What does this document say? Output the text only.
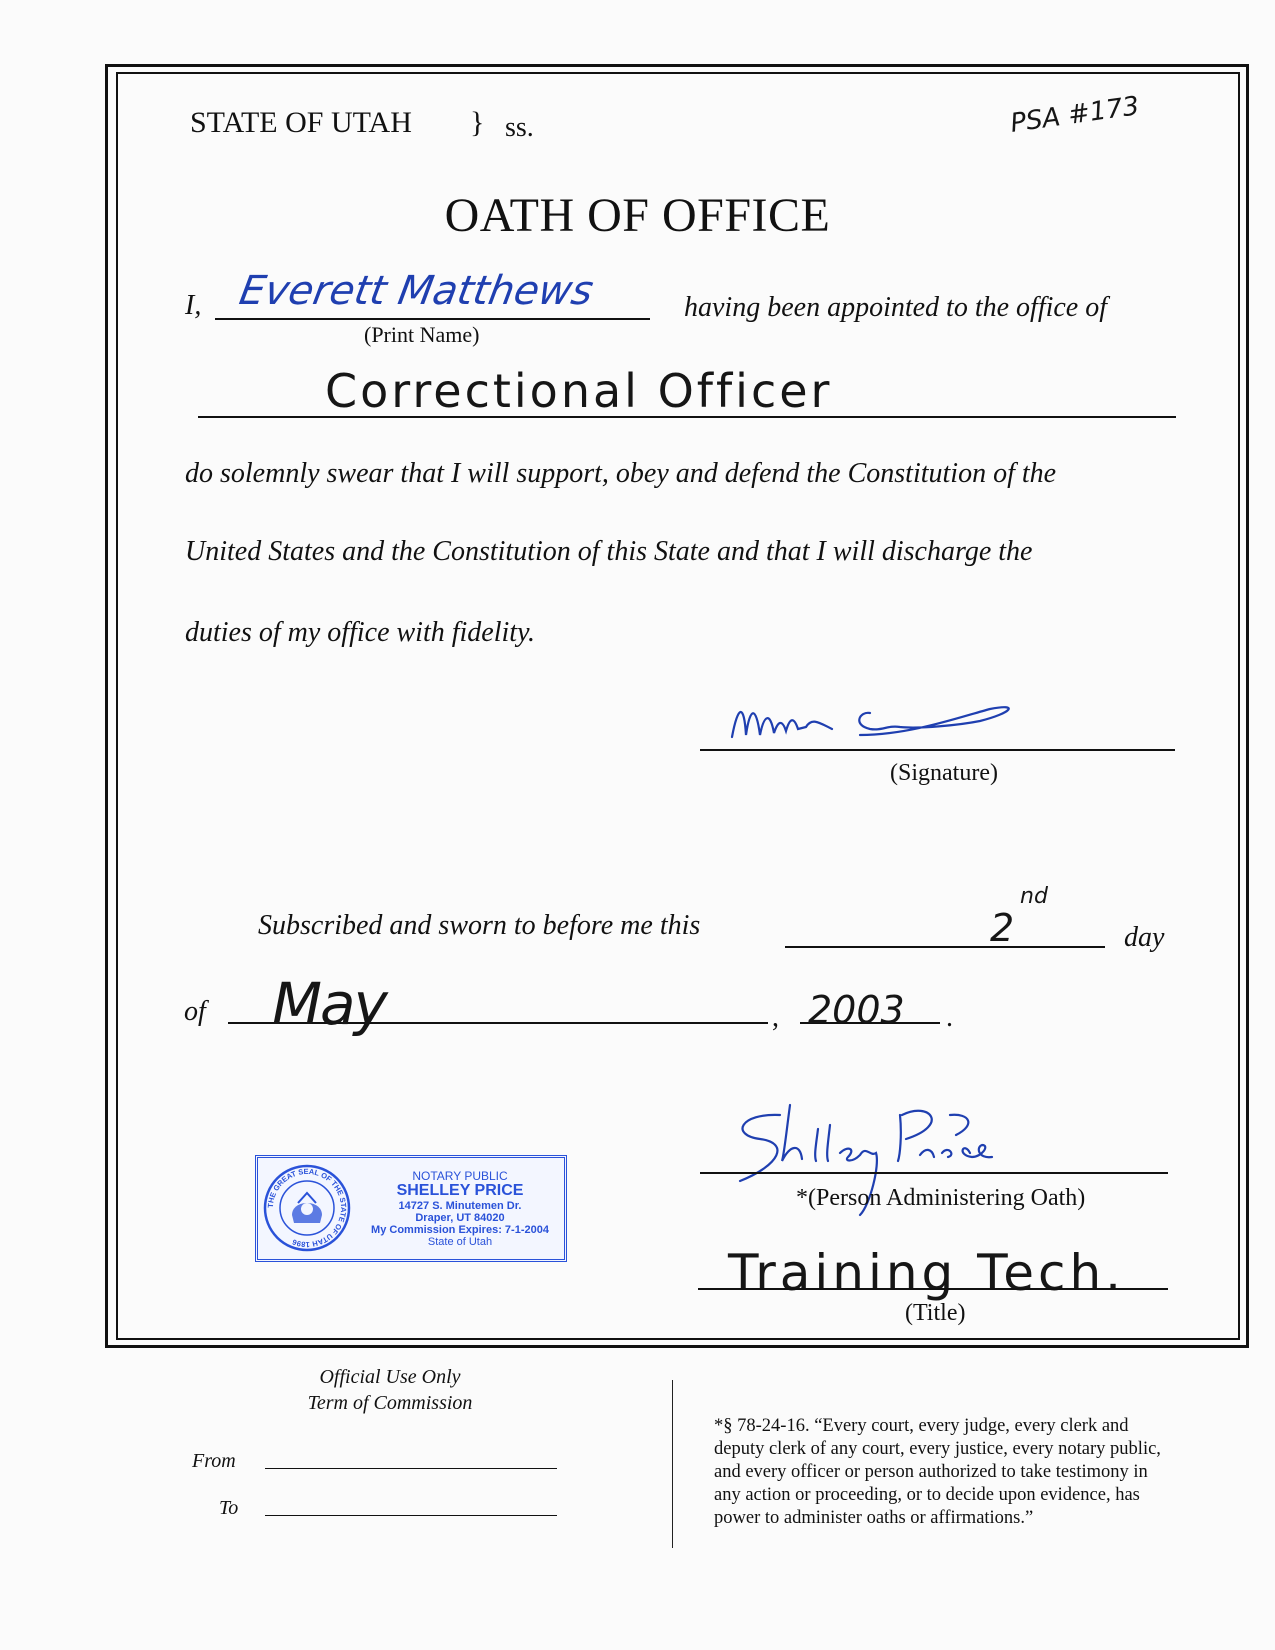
STATE OF UTAH } ss.	PSA #173
OATH OF OFFICE
I, Everett Matthews
(Print Name)
having been appointed to the office of
Correctional Officer
do solemnly swear that I will support, obey and defend the Constitution of the
United States and the Constitution of this State and that I will discharge the
duties of my office with fidelity.
(Signature)
Subscribed and sworn to before me this	2
nd
day
of May	, 2003 .
THE GREAT SEAL OF THE STATE OF UTAH 1896
NOTARY PUBLIC
SHELLEY PRICE
14727 S. Minutemen Dr.
Draper, UT 84020
My Commission Expires: 7-1-2004
State of Utah
*(Person Administering Oath)
Training Tech.
(Title)
Official Use Only
Term of Commission
From
To
*§ 78-24-16. “Every court, every judge, every clerk and
deputy clerk of any court, every justice, every notary public,
and every officer or person authorized to take testimony in
any action or proceeding, or to decide upon evidence, has
power to administer oaths or affirmations.”
